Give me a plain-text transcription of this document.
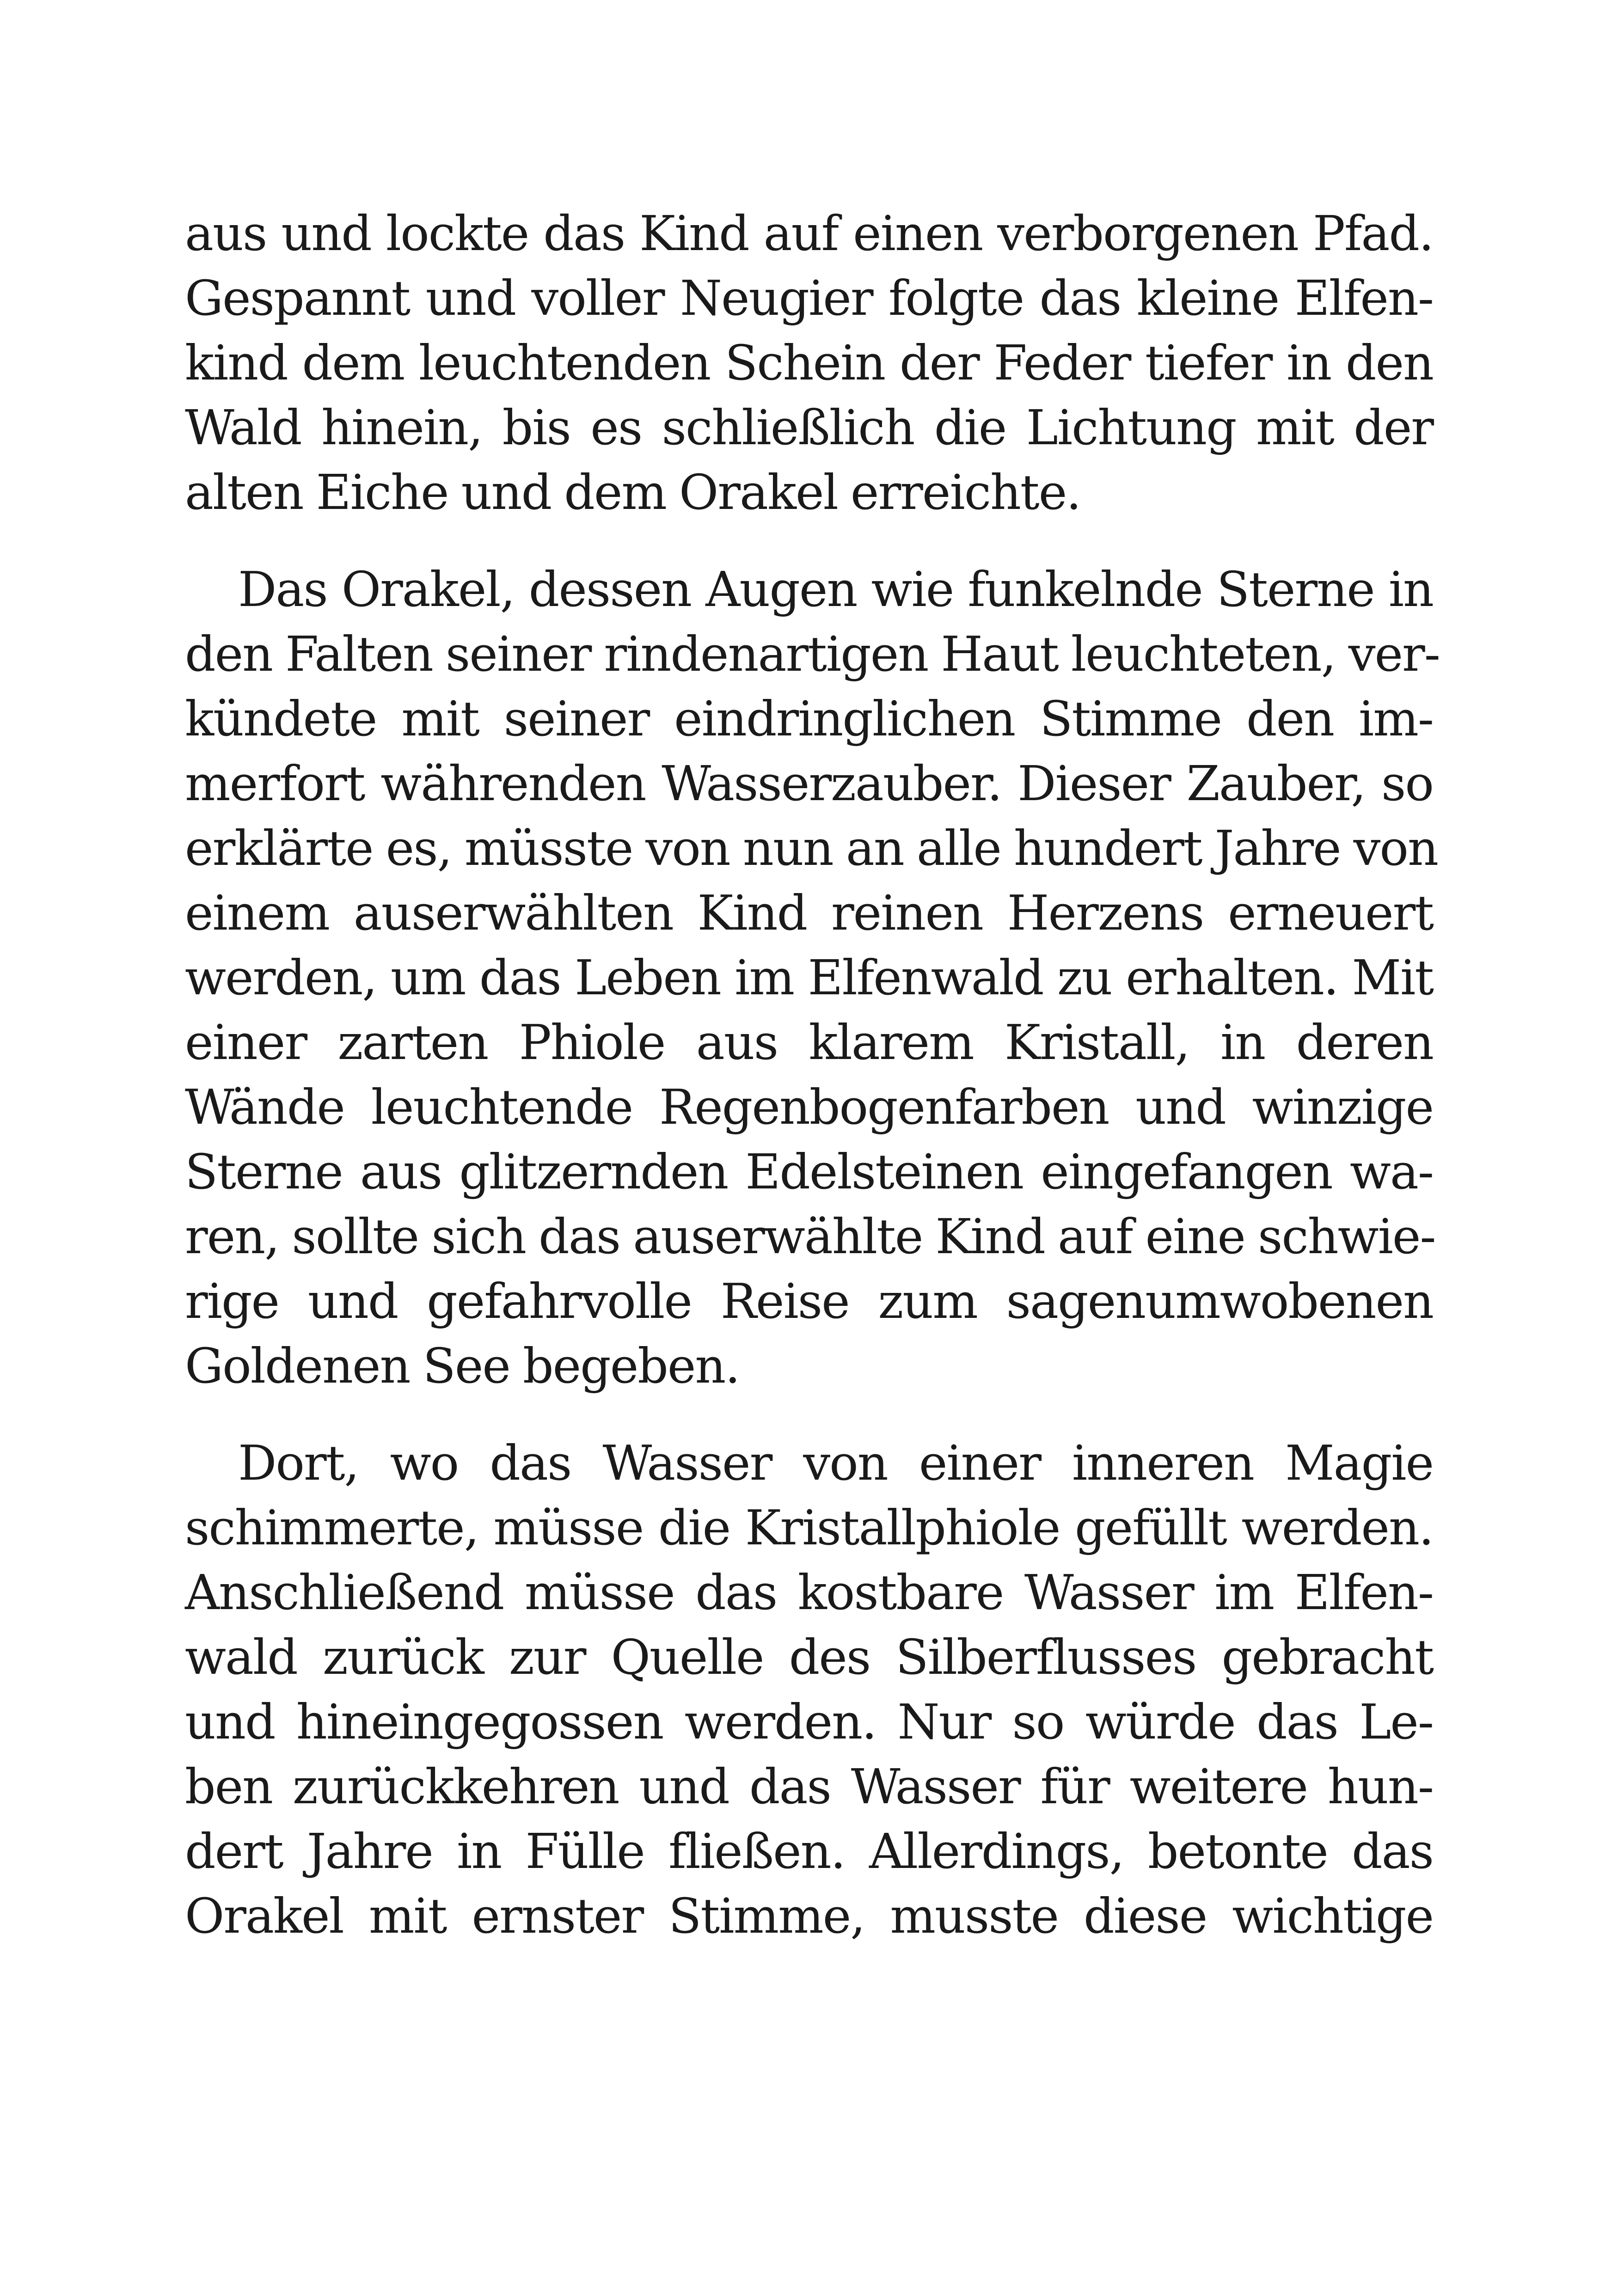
aus und lockte das Kind auf einen verborgenen Pfad.
Gespannt und voller Neugier folgte das kleine Elfen-
kind dem leuchtenden Schein der Feder tiefer in den
Wald hinein, bis es schließlich die Lichtung mit der
alten Eiche und dem Orakel erreichte.

Das Orakel, dessen Augen wie funkelnde Sterne in
den Falten seiner rindenartigen Haut leuchteten, ver-
kündete mit seiner eindringlichen Stimme den im-
merfort währenden Wasserzauber. Dieser Zauber, so
erklärte es, müsste von nun an alle hundert Jahre von
einem auserwählten Kind reinen Herzens erneuert
werden, um das Leben im Elfenwald zu erhalten. Mit
einer zarten Phiole aus klarem Kristall, in deren
Wände leuchtende Regenbogenfarben und winzige
Sterne aus glitzernden Edelsteinen eingefangen wa-
ren, sollte sich das auserwählte Kind auf eine schwie-
rige und gefahrvolle Reise zum sagenumwobenen
Goldenen See begeben.

Dort, wo das Wasser von einer inneren Magie
schimmerte, müsse die Kristallphiole gefüllt werden.
Anschließend müsse das kostbare Wasser im Elfen-
wald zurück zur Quelle des Silberflusses gebracht
und hineingegossen werden. Nur so würde das Le-
ben zurückkehren und das Wasser für weitere hun-
dert Jahre in Fülle fließen. Allerdings, betonte das
Orakel mit ernster Stimme, musste diese wichtige
